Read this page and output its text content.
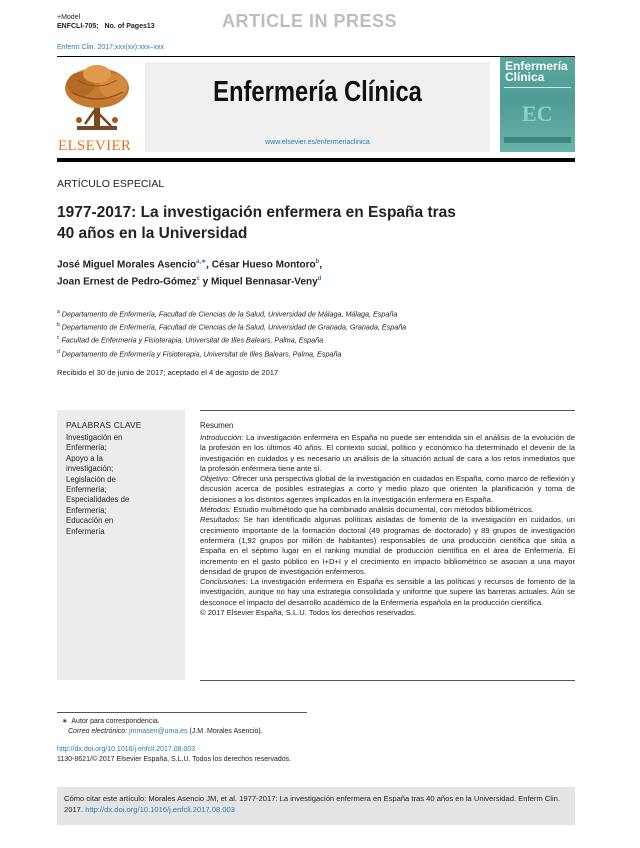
+Model
ENFCLI-705; No. of Pages13	ARTICLE IN PRESS
Enferm Clin. 2017;xxx(xx):xxx–xxx
ELSEVIER
Enfermería Clínica
www.elsevier.es/enfermeriaclinica
Enfermería
Clínica
EC
ARTÍCULO ESPECIAL
1977-2017: La investigación enfermera en España tras
40 años en la Universidad
José Miguel Morales Asencio$^{a,∗}$, César Hueso Montoro$^b$,
Joan Ernest de Pedro-Gómez$^c$ y Miquel Bennasar-Veny$^d$
$^a$ Departamento de Enfermería, Facultad de Ciencias de la Salud, Universidad de Málaga, Málaga, España
$^b$ Departamento de Enfermería, Facultad de Ciencias de la Salud, Universidad de Granada, Granada, España
$^c$ Facultad de Enfermería y Fisioterapia, Universitat de Illes Balears, Palma, España
$^d$ Departamento de Enfermería y Fisioterapia, Universitat de Illes Balears, Palma, España
Recibido el 30 de junio de 2017; aceptado el 4 de agosto de 2017
PALABRAS CLAVE
Investigación en
Enfermería;
Apoyo a la
investigación;
Legislación de
Enfermería;
Especialidades de
Enfermería;
Educación en
Enfermería
Resumen
Introducción: La investigación enfermera en España no puede ser entendida sin el análisis de la evolución de la profesión en los últimos 40 años. El contexto social, político y económico ha determinado el devenir de la investigación en cuidados y es necesario un análisis de la situación actual de cara a los retos inmediatos que la profesión enfermera tiene ante sí.
Objetivo: Ofrecer una perspectiva global de la investigación en cuidados en España, como marco de reflexión y discusión acerca de posibles estrategias a corto y medio plazo que orienten la planificación y toma de decisiones a los distintos agentes implicados en la investigación enfermera en España.
Métodos: Estudio multimétodo que ha combinado análisis documental, con métodos bibliométricos.
Resultados: Se han identificado algunas políticas aisladas de fomento de la investigación en cuidados, un crecimiento importante de la formación doctoral (49 programas de doctorado) y 89 grupos de investigación enfermera (1,92 grupos por millón de habitantes) responsables de una producción científica que sitúa a España en el séptimo lugar en el ranking mundial de producción científica en el área de Enfermería. El incremento en el gasto público en I+D+I y el crecimiento en impacto bibliométrico se asocian a una mayor densidad de grupos de investigación enfermeros.
Conclusiones: La investigación enfermera en España es sensible a las políticas y recursos de fomento de la investigación, aunque no hay una estrategia consolidada y uniforme que supere las barreras actuales. Aún se desconoce el impacto del desarrollo académico de la Enfermería española en la producción científica.
© 2017 Elsevier España, S.L.U. Todos los derechos reservados.
∗ Autor para correspondencia.
Correo electrónico: jmmasen@uma.es (J.M. Morales Asencio).
http://dx.doi.org/10.1016/j.enfcli.2017.08.003
1130-8621/© 2017 Elsevier España, S.L.U. Todos los derechos reservados.
Cómo citar este artículo: Morales Asencio JM, et al. 1977-2017: La investigación enfermera en España tras 40 años en la Universidad. Enferm Clin. 2017. http://dx.doi.org/10.1016/j.enfcli.2017.08.003
